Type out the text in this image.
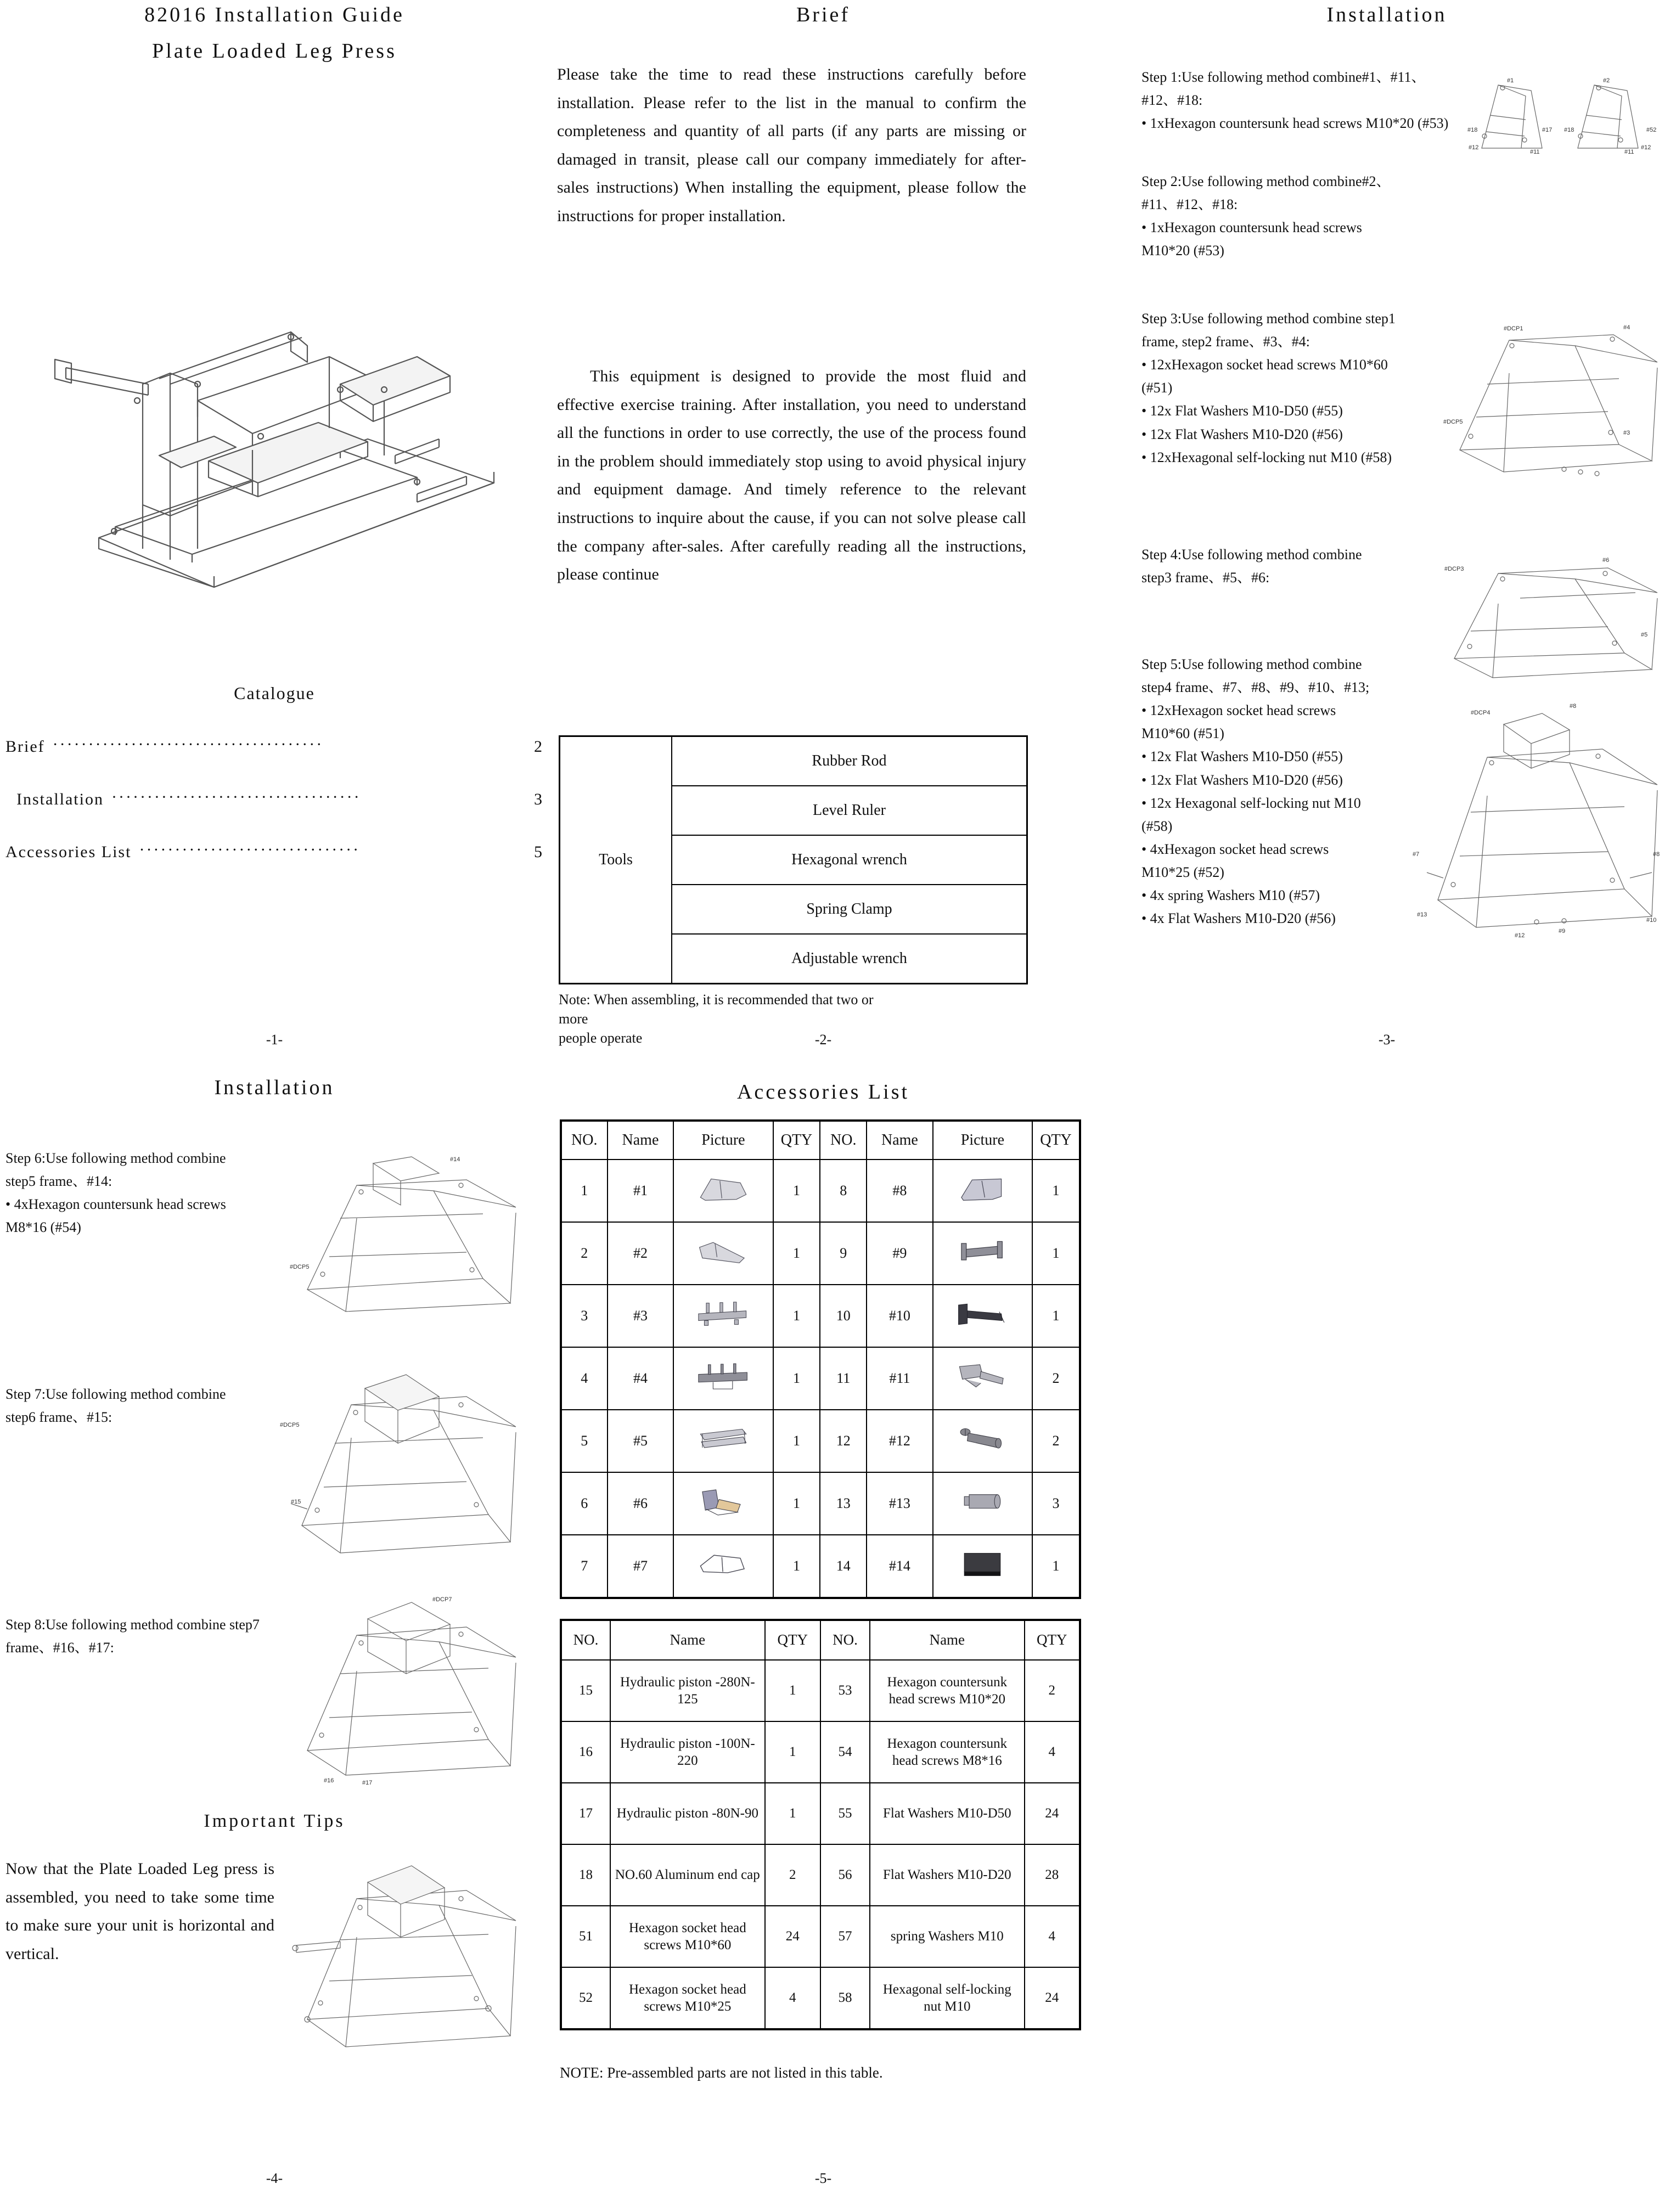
82016 Installation Guide
Plate Loaded Leg Press
Catalogue
Brief ······································	2
Installation ···································	3
Accessories List ·······························	5
-1-
Brief

Please take the time to read these instructions carefully before installation. Please refer to the list in the manual to confirm the completeness and quantity of all parts (if any parts are missing or damaged in transit, please call our company immediately for after-sales instructions) When installing the equipment, please follow the instructions for proper installation.

This equipment is designed to provide the most fluid and effective exercise training. After installation, you need to understand all the functions in order to use correctly, the use of the process found in the problem should immediately stop using to avoid physical injury and equipment damage. And timely reference to the relevant instructions to inquire about the cause, if you can not solve please call the company after-sales. After carefully reading all the instructions, please continue

Tools	Rubber Rod
Level Ruler
Hexagonal wrench
Spring Clamp
Adjustable wrench
Note: When assembling, it is recommended that two or
more
people operate	-2-
Installation
Step 1:Use following method combine#1、#11、#12、#18:
• 1xHexagon countersunk head screws M10*20 (#53)
Step 2:Use following method combine#2、#11、#12、#18:
• 1xHexagon countersunk head screws M10*20 (#53)
#1	#2
#18	#18
#12	#12
#11	#11
#17	#52
Step 3:Use following method combine step1 frame, step2 frame、#3、#4:
• 12xHexagon socket head screws M10*60 (#51)
• 12x Flat Washers M10-D50 (#55)
• 12x Flat Washers M10-D20 (#56)
• 12xHexagonal self-locking nut M10 (#58)
#DCP1	#4
#DCP5
#3
Step 4:Use following method combine step3 frame、#5、#6:
#DCP3
#6
#5
Step 5:Use following method combine step4 frame、#7、#8、#9、#10、#13;
• 12xHexagon socket head screws M10*60 (#51)
• 12x Flat Washers M10-D50 (#55)
• 12x Flat Washers M10-D20 (#56)
• 12x Hexagonal self-locking nut M10 (#58)
• 4xHexagon socket head screws M10*25 (#52)
• 4x spring Washers M10 (#57)
• 4x Flat Washers M10-D20 (#56)
#DCP4
#8
#7	#8
#13
#12
#9
#10
-3-
Installation
Step 6:Use following method combine step5 frame、#14:
• 4xHexagon countersunk head screws M8*16 (#54)
#14
#DCP5
Step 7:Use following method combine step6 frame、#15:	#DCP5
#15
Step 8:Use following method combine step7 frame、#16、#17:
#DCP7
#16	#17
Important Tips

Now that the Plate Loaded Leg press is assembled, you need to take some time to make sure your unit is horizontal and vertical.

-4-
Accessories List
NO.	Name	Picture	QTY	NO.	Name	Picture	QTY
1	#1		1	8	#8		1
2	#2		1	9	#9		1
3	#3		1	10	#10		1
4	#4		1	11	#11		2
5	#5		1	12	#12		2
6	#6		1	13	#13		3
7	#7		1	14	#14		1
NO.	Name	QTY	NO.	Name	QTY
15	Hydraulic piston -280N-125	1	53	Hexagon countersunk head screws M10*20	2
16	Hydraulic piston -100N-220	1	54	Hexagon countersunk head screws M8*16	4
17	Hydraulic piston -80N-90	1	55	Flat Washers M10-D50	24
18	NO.60 Aluminum end cap	2	56	Flat Washers M10-D20	28
51	Hexagon socket head screws M10*60	24	57	spring Washers M10	4
52	Hexagon socket head screws M10*25	4	58	Hexagonal self-locking nut M10	24
NOTE: Pre-assembled parts are not listed in this table.
-5-
